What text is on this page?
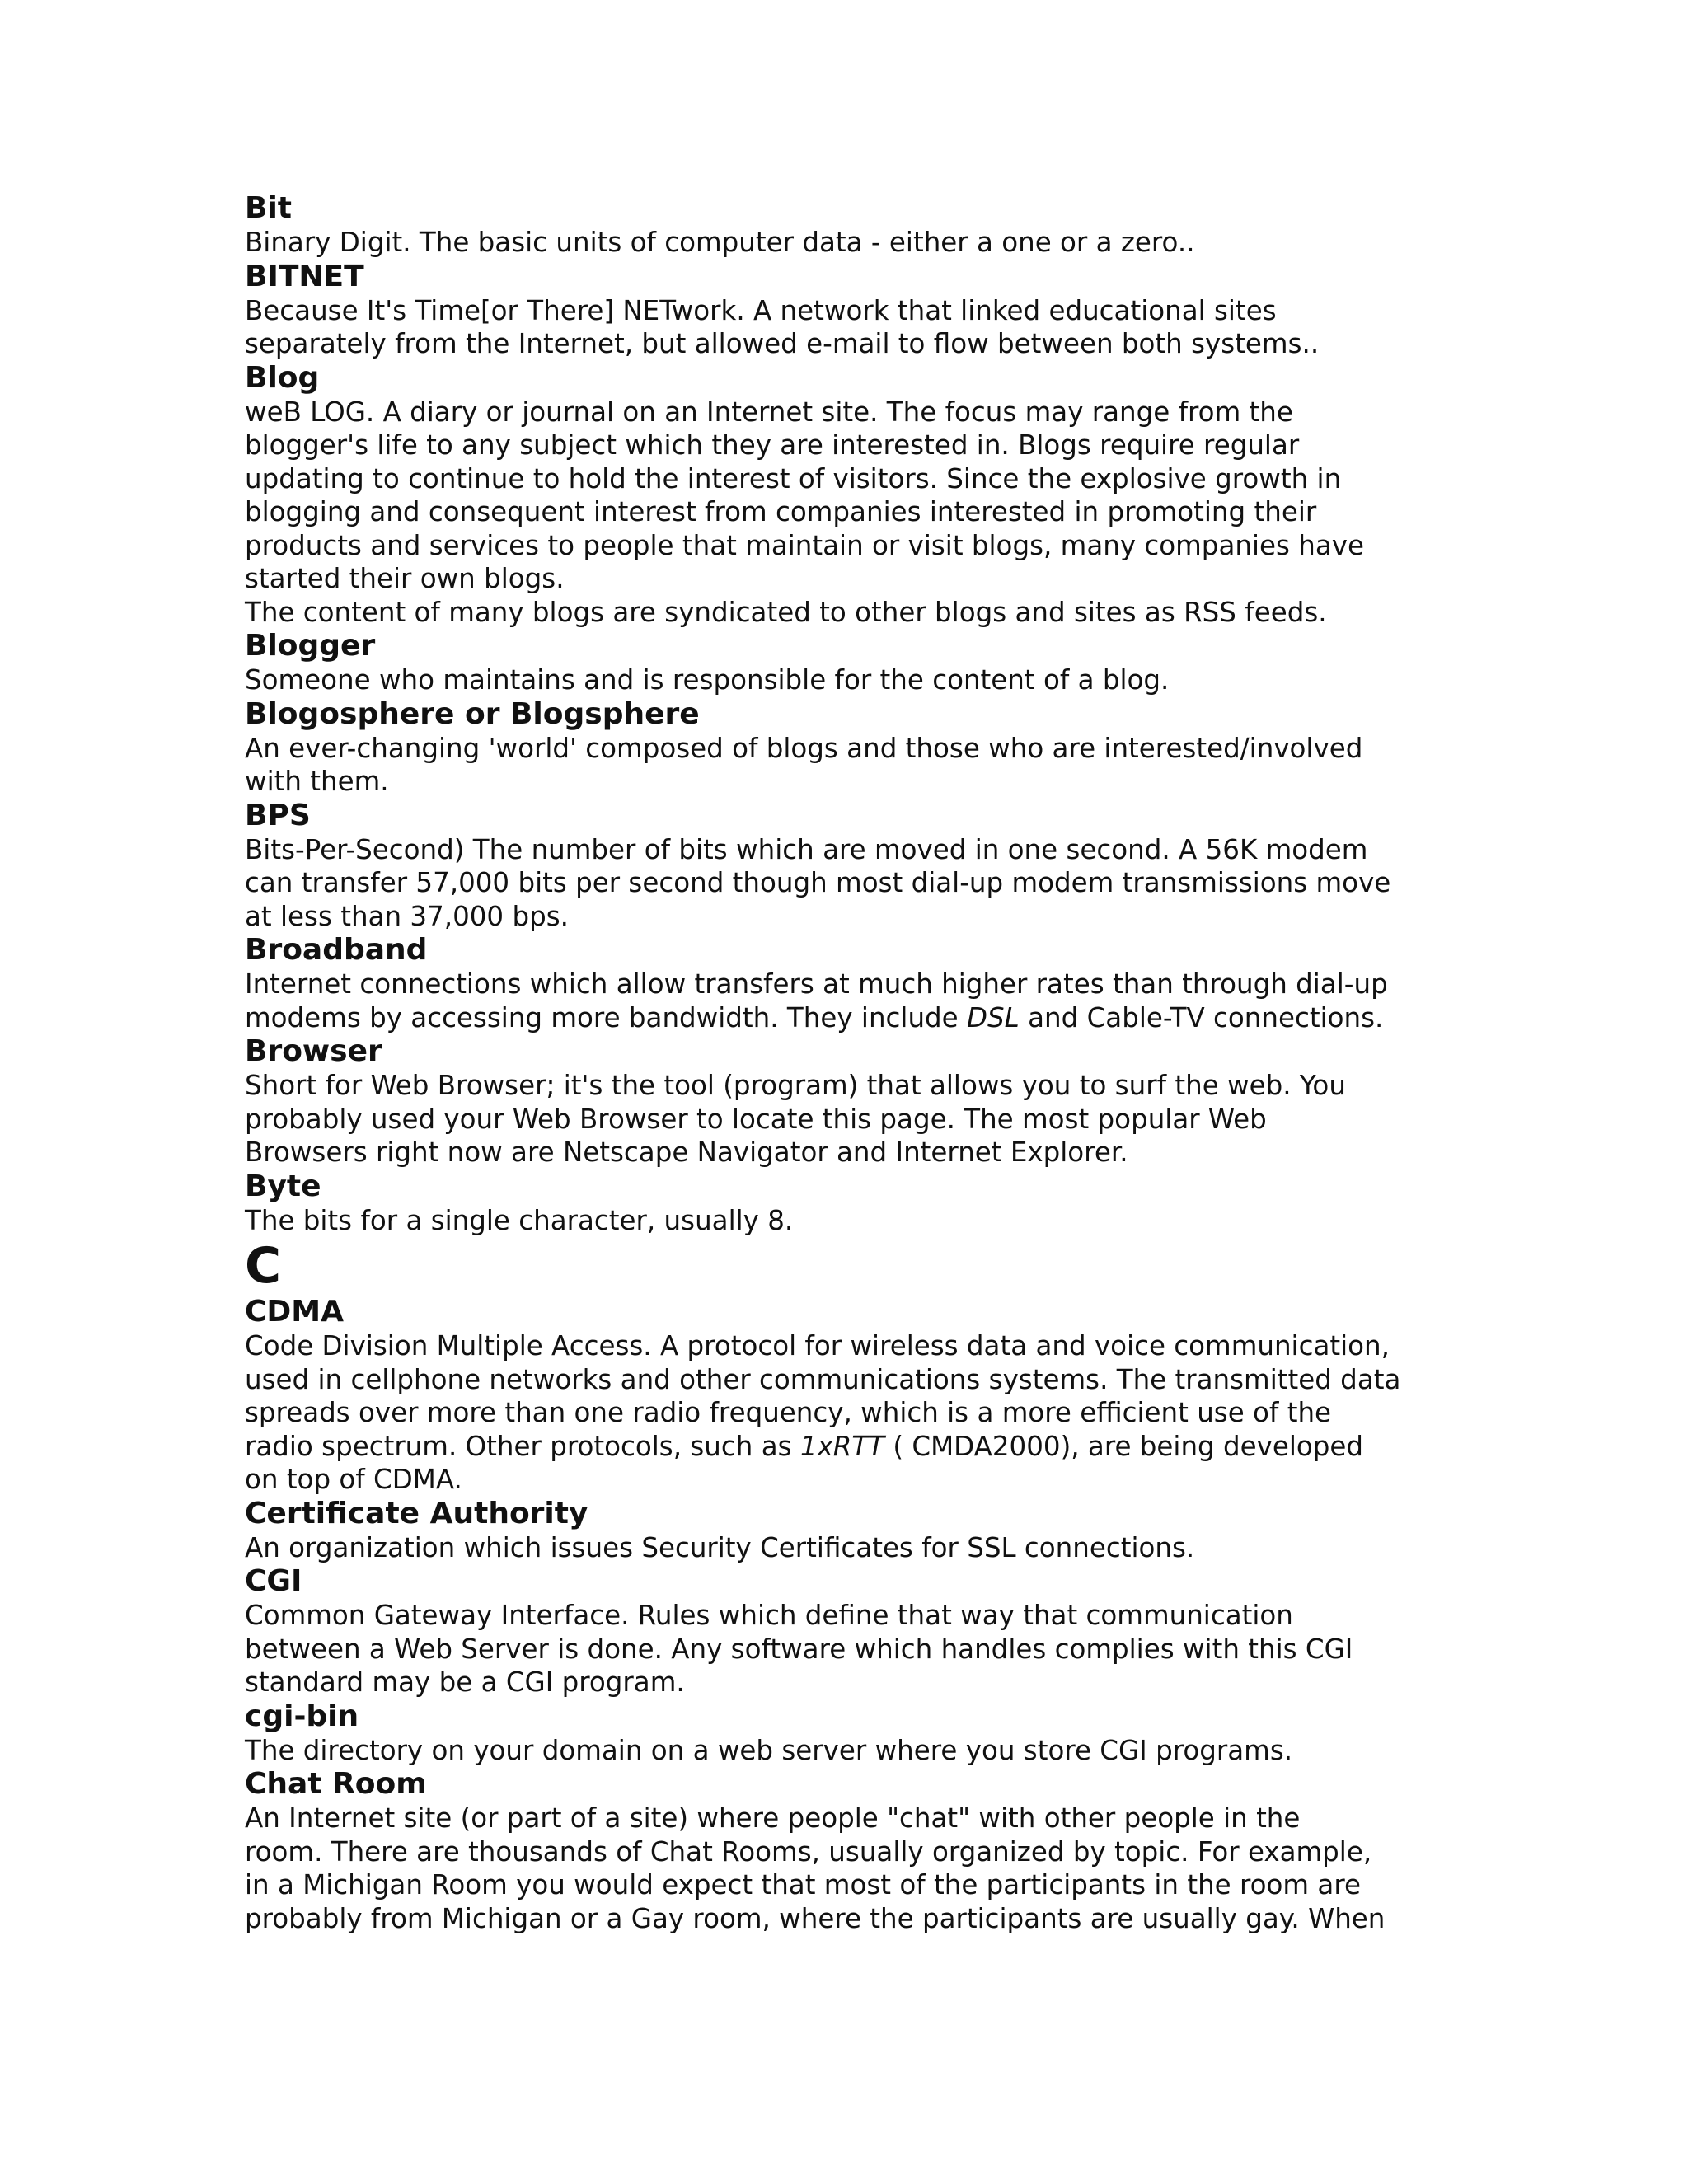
Bit
Binary Digit. The basic units of computer data - either a one or a zero..
BITNET
Because It's Time[or There] NETwork. A network that linked educational sites
separately from the Internet, but allowed e-mail to flow between both systems..
Blog
weB LOG. A diary or journal on an Internet site. The focus may range from the
blogger's life to any subject which they are interested in. Blogs require regular
updating to continue to hold the interest of visitors. Since the explosive growth in
blogging and consequent interest from companies interested in promoting their
products and services to people that maintain or visit blogs, many companies have
started their own blogs.
The content of many blogs are syndicated to other blogs and sites as RSS feeds.
Blogger
Someone who maintains and is responsible for the content of a blog.
Blogosphere or Blogsphere
An ever-changing 'world' composed of blogs and those who are interested/involved
with them.
BPS
Bits-Per-Second) The number of bits which are moved in one second. A 56K modem
can transfer 57,000 bits per second though most dial-up modem transmissions move
at less than 37,000 bps.
Broadband
Internet connections which allow transfers at much higher rates than through dial-up
modems by accessing more bandwidth. They include DSL and Cable-TV connections.
Browser
Short for Web Browser; it's the tool (program) that allows you to surf the web. You
probably used your Web Browser to locate this page. The most popular Web
Browsers right now are Netscape Navigator and Internet Explorer.
Byte
The bits for a single character, usually 8.
C
CDMA
Code Division Multiple Access. A protocol for wireless data and voice communication,
used in cellphone networks and other communications systems. The transmitted data
spreads over more than one radio frequency, which is a more efficient use of the
radio spectrum. Other protocols, such as 1xRTT ( CMDA2000), are being developed
on top of CDMA.
Certificate Authority
An organization which issues Security Certificates for SSL connections.
CGI
Common Gateway Interface. Rules which define that way that communication
between a Web Server is done. Any software which handles complies with this CGI
standard may be a CGI program.
cgi-bin
The directory on your domain on a web server where you store CGI programs.
Chat Room
An Internet site (or part of a site) where people "chat" with other people in the
room. There are thousands of Chat Rooms, usually organized by topic. For example,
in a Michigan Room you would expect that most of the participants in the room are
probably from Michigan or a Gay room, where the participants are usually gay. When
